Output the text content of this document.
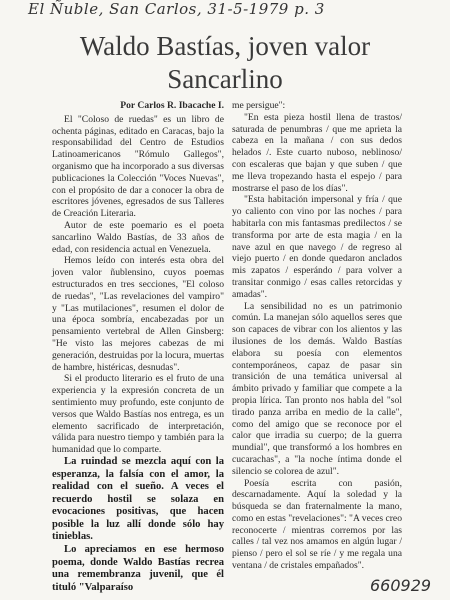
El Ñuble, San Carlos, 31-5-1979 p. 3
Waldo Bastías, joven valor
Sancarlino
Por Carlos R. Ibacache I.

El "Coloso de ruedas" es un libro de ochenta páginas, editado en Caracas, bajo la responsabilidad del Centro de Estudios Latinoamericanos "Rómulo Gallegos", organismo que ha incorporado a sus diversas publicaciones la Colección "Voces Nuevas", con el propósito de dar a conocer la obra de escritores jóvenes, egresados de sus Talleres de Creación Literaria.

Autor de este poemario es el poeta sancarlino Waldo Bastías, de 33 años de edad, con residencia actual en Venezuela.

Hemos leído con interés esta obra del joven valor ñublensino, cuyos poemas estructurados en tres secciones, "El coloso de ruedas", "Las revelaciones del vampiro" y "Las mutilaciones", resumen el dolor de una época sombría, encabezadas por un pensamiento vertebral de Allen Ginsberg: "He visto las mejores cabezas de mi generación, destruidas por la locura, muertas de hambre, histéricas, desnudas".

Si el producto literario es el fruto de una experiencia y la expresión concreta de un sentimiento muy profundo, este conjunto de versos que Waldo Bastías nos entrega, es un elemento sacrificado de interpretación, válida para nuestro tiempo y también para la humanidad que lo comparte.

La ruindad se mezcla aquí con la esperanza, la falsía con el amor, la realidad con el sueño. A veces el recuerdo hostil se solaza en evocaciones positivas, que hacen posible la luz allí donde sólo hay tinieblas.

Lo apreciamos en ese hermoso poema, donde Waldo Bastías recrea una remembranza juvenil, que él tituló "Valparaíso

me persigue":

"En esta pieza hostil llena de trastos/ saturada de penumbras / que me aprieta la cabeza en la mañana / con sus dedos helados /. Este cuarto nuboso, neblinoso/ con escaleras que bajan y que suben / que me lleva tropezando hasta el espejo / para mostrarse el paso de los días".

"Esta habitación impersonal y fría / que yo caliento con vino por las noches / para habitarla con mis fantasmas predilectos / se transforma por arte de esta magia / en la nave azul en que navego / de regreso al viejo puerto / en donde quedaron anclados mis zapatos / esperándo / para volver a transitar conmigo / esas calles retorcidas y amadas".

La sensibilidad no es un patrimonio común. La manejan sólo aquellos seres que son capaces de vibrar con los alientos y las ilusiones de los demás. Waldo Bastías elabora su poesía con elementos contemporáneos, capaz de pasar sin transición de una temática universal al ámbito privado y familiar que compete a la propia lírica. Tan pronto nos habla del "sol tirado panza arriba en medio de la calle", como del amigo que se reconoce por el calor que irradia su cuerpo; de la guerra mundial", que transformó a los hombres en cucarachas", a "la noche íntima donde el silencio se colorea de azul".

Poesía escrita con pasión, descarnadamente. Aquí la soledad y la búsqueda se dan fraternalmente la mano, como en estas "revelaciones": "A veces creo reconocerte / mientras corremos por las calles / tal vez nos amamos en algún lugar / pienso / pero el sol se ríe / y me regala una ventana / de cristales empañados".

660929
